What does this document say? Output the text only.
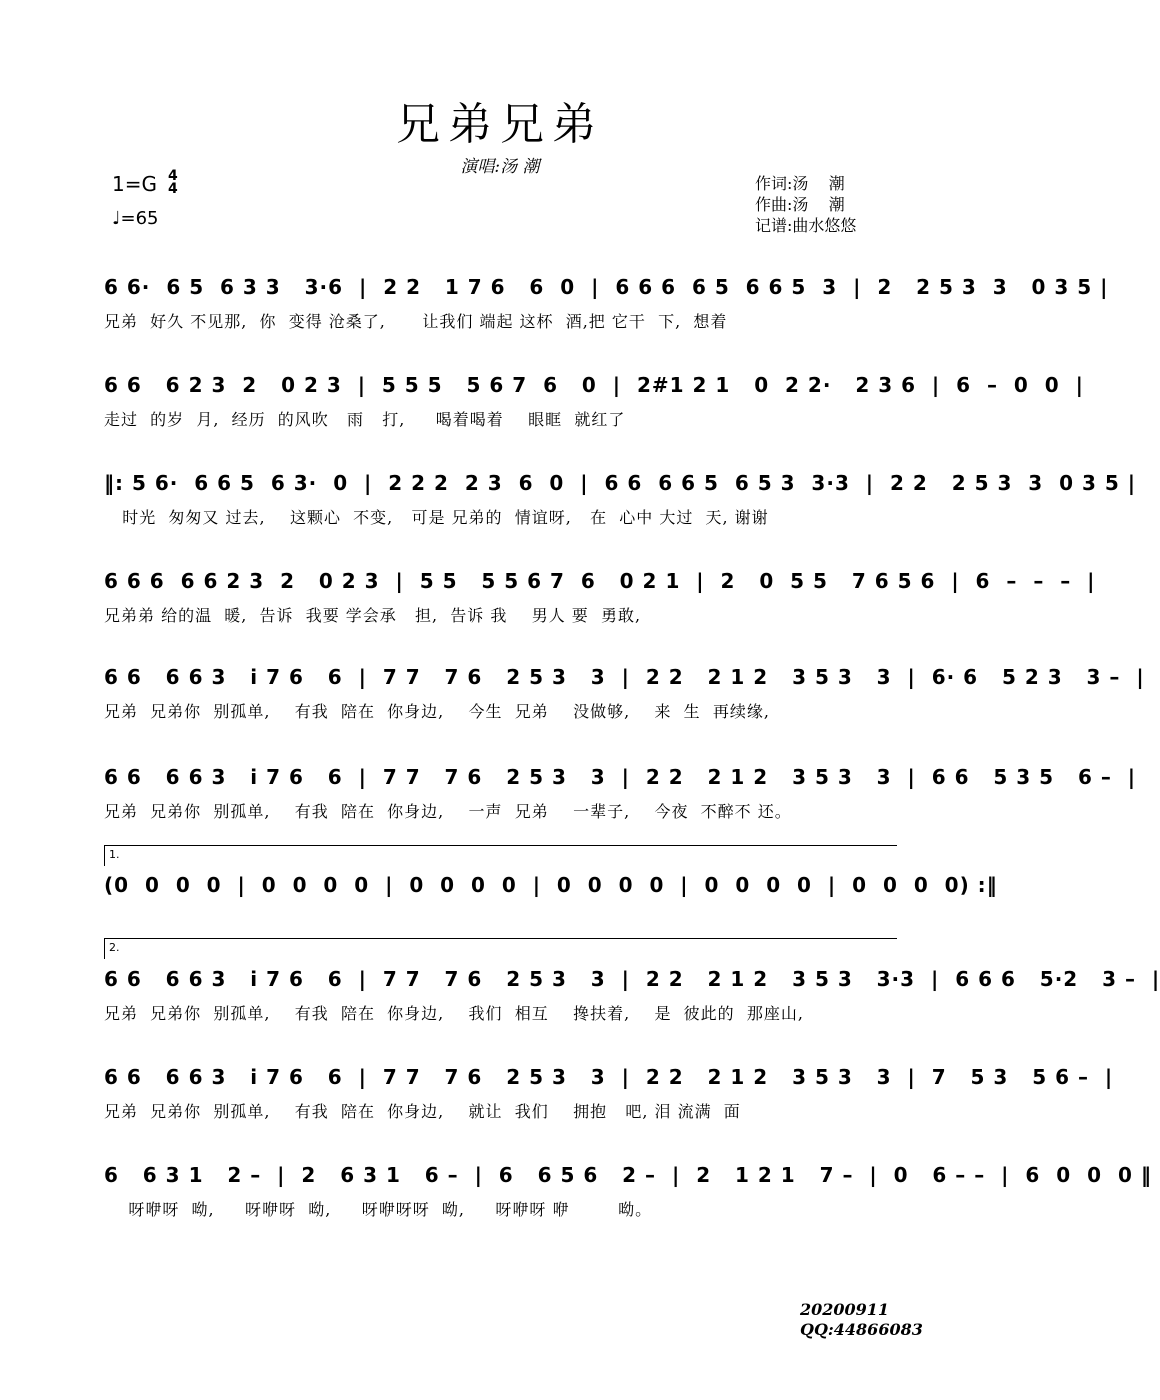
兄弟兄弟
演唱:汤 潮
1=G 4
4
♩=65
作词:汤    潮
作曲:汤    潮
记谱:曲水悠悠
6 6·  6 5  6 3 3   3·6  |  2 2   1 7 6   6  0  |  6 6 6  6 5  6 6 5  3  |  2   2 5 3  3   0 3 5 |
兄弟  好久 不见那,  你  变得 沧桑了,      让我们 端起 这杯  酒,把 它干  下,  想着
6 6   6 2 3  2   0 2 3  |  5 5 5   5 6 7  6   0  |  2#1 2 1   0  2 2·   2 3 6  |  6  –  0  0  |
走过  的岁  月,  经历  的风吹   雨   打,     喝着喝着    眼眶  就红了
‖: 5 6·  6 6 5  6 3·  0  |  2 2 2  2 3  6  0  |  6 6  6 6 5  6 5 3  3·3  |  2 2   2 5 3  3  0 3 5 |
时光  匆匆又 过去,    这颗心  不变,   可是 兄弟的  情谊呀,   在  心中 大过  天, 谢谢
6 6 6  6 6 2 3  2   0 2 3  |  5 5   5 5 6 7  6   0 2 1  |  2   0  5 5   7 6 5 6  |  6  –  –  –  |
兄弟弟 给的温  暖,  告诉  我要 学会承   担,  告诉 我    男人 要  勇敢,
6 6   6 6 3   i 7 6   6  |  7 7   7 6   2 5 3   3  |  2 2   2 1 2   3 5 3   3  |  6· 6   5 2 3   3 –  |
兄弟  兄弟你  别孤单,    有我  陪在  你身边,    今生  兄弟    没做够,    来  生  再续缘,
6 6   6 6 3   i 7 6   6  |  7 7   7 6   2 5 3   3  |  2 2   2 1 2   3 5 3   3  |  6 6   5 3 5   6 –  |
兄弟  兄弟你  别孤单,    有我  陪在  你身边,    一声  兄弟    一辈子,    今夜  不醉不 还。
1.
(0  0  0  0  |  0  0  0  0  |  0  0  0  0  |  0  0  0  0  |  0  0  0  0  |  0  0  0  0) :‖
2.
6 6   6 6 3   i 7 6   6  |  7 7   7 6   2 5 3   3  |  2 2   2 1 2   3 5 3   3·3  |  6 6 6   5·2   3 –  |
兄弟  兄弟你  别孤单,    有我  陪在  你身边,    我们  相互    搀扶着,    是  彼此的  那座山,
6 6   6 6 3   i 7 6   6  |  7 7   7 6   2 5 3   3  |  2 2   2 1 2   3 5 3   3  |  7   5 3   5 6 –  |
兄弟  兄弟你  别孤单,    有我  陪在  你身边,    就让  我们    拥抱   吧, 泪 流满  面
6   6 3 1   2 –  |  2   6 3 1   6 –  |  6   6 5 6   2 –  |  2   1 2 1   7 –  |  0   6 – –  |  6  0  0  0 ‖
呀咿呀  呦,     呀咿呀  呦,     呀咿呀呀  呦,     呀咿呀 咿        呦。
20200911
QQ:44866083
